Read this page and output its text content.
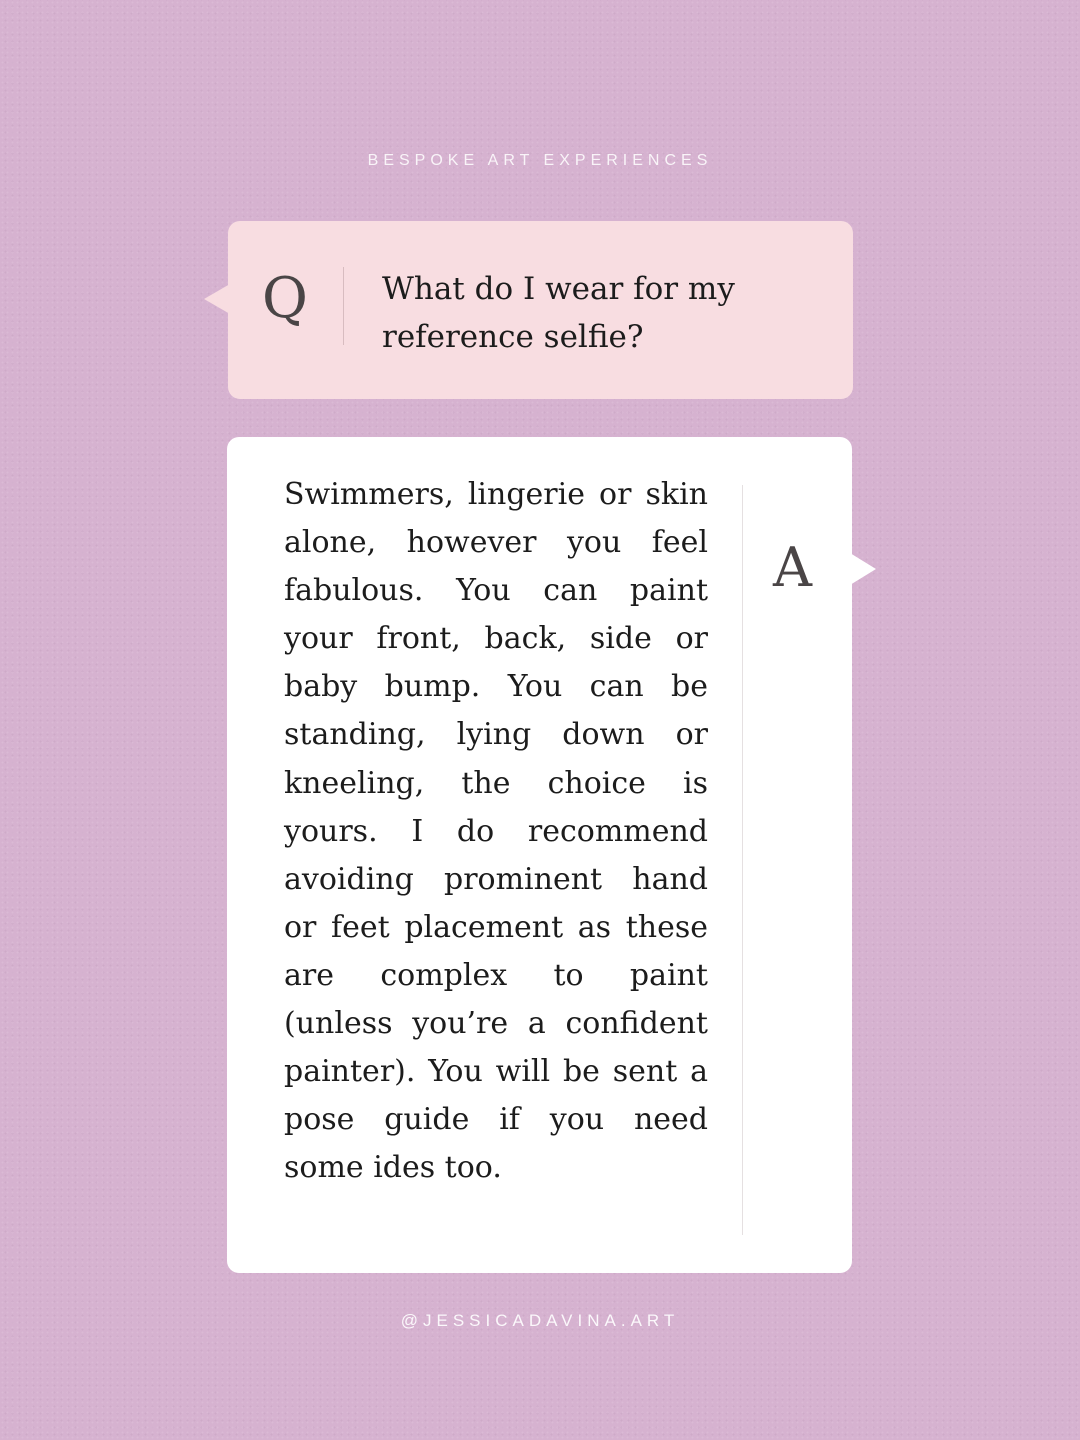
BESPOKE ART EXPERIENCES
Q What do I wear for my reference selfie?

Swimmers, lingerie or skin alone, however you feel fabulous. You can paint your front, back, side or baby bump. You can be standing, lying down or kneeling, the choice is yours. I do recommend avoiding prominent hand or feet placement as these are complex to paint (unless you’re a confident painter). You will be sent a pose guide if you need some ides too.

A
@JESSICADAVINA.ART
